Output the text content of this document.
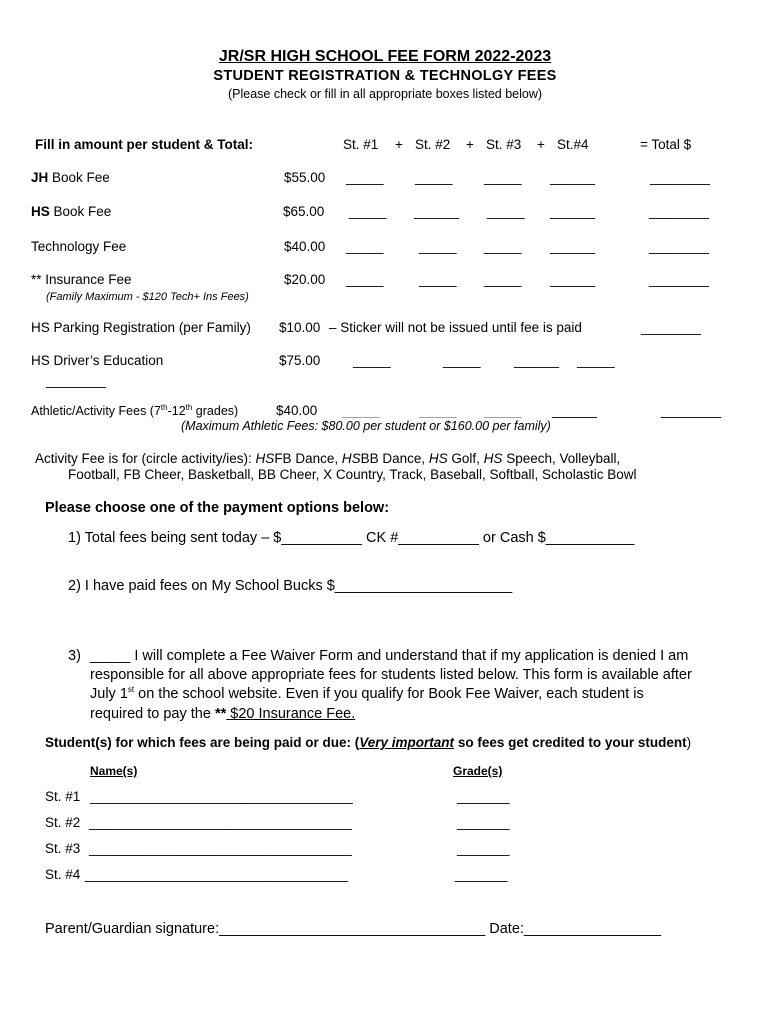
JR/SR HIGH SCHOOL FEE FORM 2022-2023
STUDENT REGISTRATION & TECHNOLGY FEES
(Please check or fill in all appropriate boxes listed below)
Fill in amount per student & Total:	St. #1 + St. #2 + St. #3 + St.#4	= Total $
JH Book Fee	$55.00 _____ _____ _____ ______	________
HS Book Fee	$65.00 _____ ______ _____ ______	________
Technology Fee	$40.00 _____	_____ _____ ______	________
** Insurance Fee	$20.00 _____	_____ _____ ______	________
(Family Maximum - $120 Tech+ Ins Fees)
HS Parking Registration (per Family) $10.00 – Sticker will not be issued until fee is paid	________
HS Driver’s Education	$75.00 _____	_____ ______ _____
________
Athletic/Activity Fees (7th-12th grades)	$40.00 _____	_____ _____ ______	________
(Maximum Athletic Fees: $80.00 per student or $160.00 per family)
Activity Fee is for (circle activity/ies): HSFB Dance, HSBB Dance, HS Golf, HS Speech, Volleyball,
Football, FB Cheer, Basketball, BB Cheer, X Country, Track, Baseball, Softball, Scholastic Bowl
Please choose one of the payment options below:
1) Total fees being sent today – $__________ CK #__________ or Cash $___________
2) I have paid fees on My School Bucks $______________________
3) _____ I will complete a Fee Waiver Form and understand that if my application is denied I am
responsible for all above appropriate fees for students listed below. This form is available after
July 1st on the school website. Even if you qualify for Book Fee Waiver, each student is
required to pay the ** $20 Insurance Fee.
Student(s) for which fees are being paid or due: (Very important so fees get credited to your student)
Name(s)	Grade(s)
St. #1 ___________________________________	_______
St. #2 ___________________________________	_______
St. #3 ___________________________________	_______
St. #4 ___________________________________	_______
Parent/Guardian signature:_________________________________ Date:_________________
